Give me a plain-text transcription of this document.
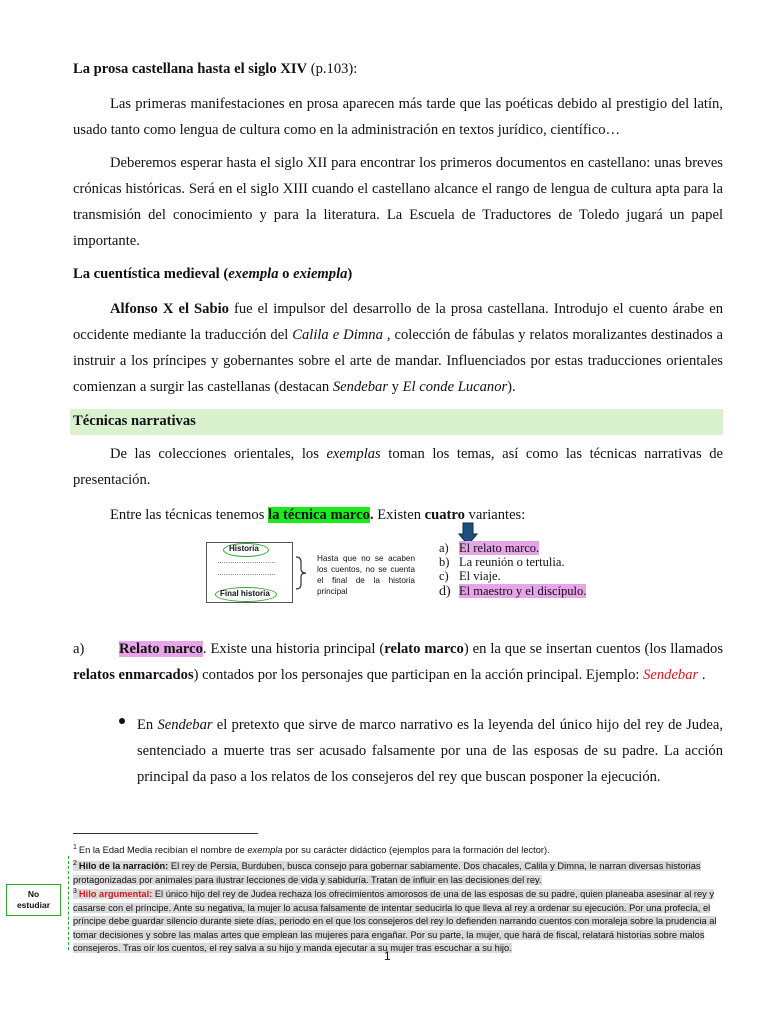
La prosa castellana hasta el siglo XIV (p.103):
Las primeras manifestaciones en prosa aparecen más tarde que las poéticas debido al prestigio del latín, usado tanto como lengua de cultura como en la administración en textos jurídico, científico…
Deberemos esperar hasta el siglo XII para encontrar los primeros documentos en castellano: unas breves crónicas históricas. Será en el siglo XIII cuando el castellano alcance el rango de lengua de cultura apta para la transmisión del conocimiento y para la literatura. La Escuela de Traductores de Toledo jugará un papel importante.
La cuentística medieval (exempla o exiempla)
Alfonso X el Sabio fue el impulsor del desarrollo de la prosa castellana. Introdujo el cuento árabe en occidente mediante la traducción del Calila e Dimna , colección de fábulas y relatos moralizantes destinados a instruir a los príncipes y gobernantes sobre el arte de mandar. Influenciados por estas traducciones orientales comienzan a surgir las castellanas (destacan Sendebar y El conde Lucanor).
Técnicas narrativas
De las colecciones orientales, los exemplas toman los temas, así como las técnicas narrativas de presentación.
Entre las técnicas tenemos la técnica marco. Existen cuatro variantes:
Historia
………………………
………………………
Final historia
Hasta que no se acaben los cuentos, no se cuenta el final de la historia principal
a) El relato marco.
b) La reunión o tertulia.
c) El viaje.
d) El maestro y el discípulo.
a) Relato marco. Existe una historia principal (relato marco) en la que se insertan cuentos (los llamados relatos enmarcados) contados por los personajes que participan en la acción principal. Ejemplo: Sendebar .
En Sendebar el pretexto que sirve de marco narrativo es la leyenda del único hijo del rey de Judea, sentenciado a muerte tras ser acusado falsamente por una de las esposas de su padre. La acción principal da paso a los relatos de los consejeros del rey que buscan posponer la ejecución.
$^1$ En la Edad Media recibían el nombre de exempla por su carácter didáctico (ejemplos para la formación del lector).
$^2$ Hilo de la narración: El rey de Persia, Burduben, busca consejo para gobernar sabiamente. Dos chacales, Calila y Dimna, le narran diversas historias protagonizadas por animales para ilustrar lecciones de vida y sabiduría. Tratan de influir en las decisiones del rey.
$^3$ Hilo argumental: El único hijo del rey de Judea rechaza los ofrecimientos amorosos de una de las esposas de su padre, quien planeaba asesinar al rey y casarse con el príncipe. Ante su negativa, la mujer lo acusa falsamente de intentar seducirla lo que lleva al rey a ordenar su ejecución. Por una profecía, el príncipe debe guardar silencio durante siete días, periodo en el que los consejeros del rey lo defienden narrando cuentos con moraleja sobre la prudencia al tomar decisiones y sobre las malas artes que emplean las mujeres para engañar. Por su parte, la mujer, que hará de fiscal, relatará historias sobre malos consejeros. Tras oír los cuentos, el rey salva a su hijo y manda ejecutar a su mujer tras escuchar a su hijo.
No estudiar
1
